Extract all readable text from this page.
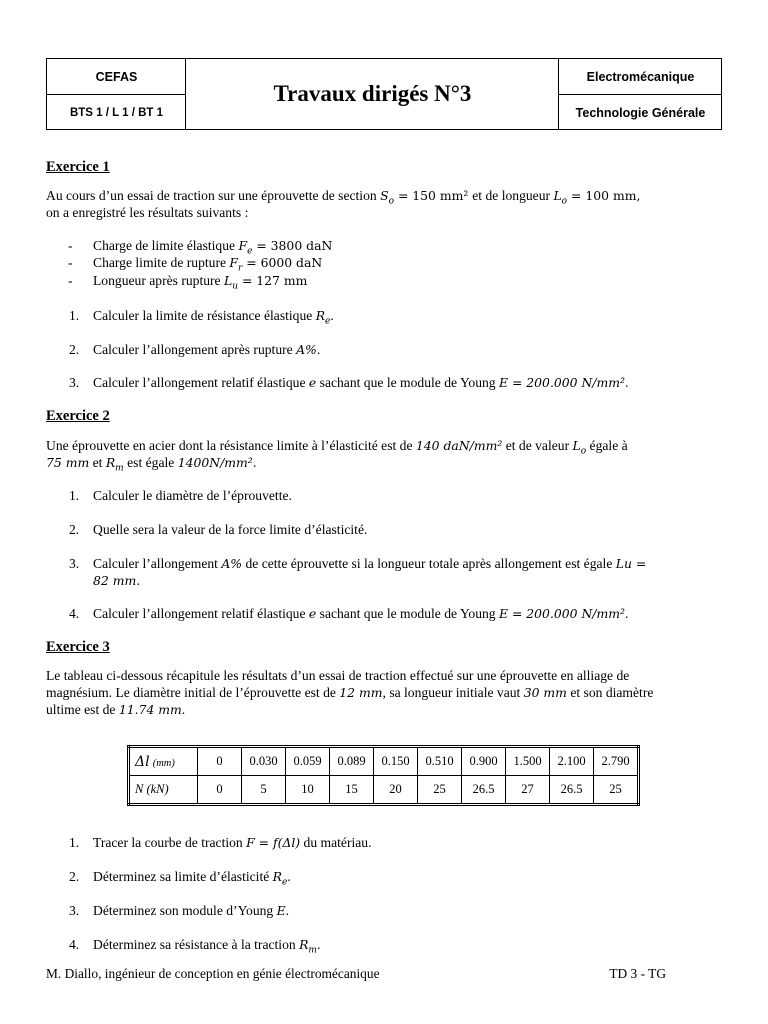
CEFAS
BTS 1 / L 1 / BT 1
Travaux dirigés N°3
Electromécanique
Technologie Générale
Exercice 1
Au cours d’un essai de traction sur une éprouvette de section $S_o = 150$ mm² et de longueur $L_o = 100$ mm,
on a enregistré les résultats suivants :
- Charge de limite élastique $F_e = 3800$ daN
- Charge limite de rupture $F_r = 6000$ daN
- Longueur après rupture $L_u = 127$ mm
1. Calculer la limite de résistance élastique $R_e$.
2. Calculer l’allongement après rupture A%.
3. Calculer l’allongement relatif élastique e sachant que le module de Young E = 200.000 N/mm².
Exercice 2
Une éprouvette en acier dont la résistance limite à l’élasticité est de 140 daN/mm² et de valeur $L_o$ égale à
75 mm et $R_m$ est égale 1400N/mm².
1. Calculer le diamètre de l’éprouvette.
2. Quelle sera la valeur de la force limite d’élasticité.
3. Calculer l’allongement A% de cette éprouvette si la longueur totale après allongement est égale Lu =
82 mm.
4. Calculer l’allongement relatif élastique e sachant que le module de Young E = 200.000 N/mm².
Exercice 3
Le tableau ci-dessous récapitule les résultats d’un essai de traction effectué sur une éprouvette en alliage de
magnésium. Le diamètre initial de l’éprouvette est de 12 mm, sa longueur initiale vaut 30 mm et son diamètre
ultime est de 11.74 mm.
Δl (mm)	0	0.030	0.059	0.089	0.150	0.510	0.900	1.500	2.100	2.790
N (kN)	0	5	10	15	20	25	26.5	27	26.5	25
1. Tracer la courbe de traction F = f(Δl) du matériau.
2. Déterminez sa limite d’élasticité $R_e$.
3. Déterminez son module d’Young E.
4. Déterminez sa résistance à la traction $R_m$.
M. Diallo, ingénieur de conception en génie électromécanique	TD 3 - TG
